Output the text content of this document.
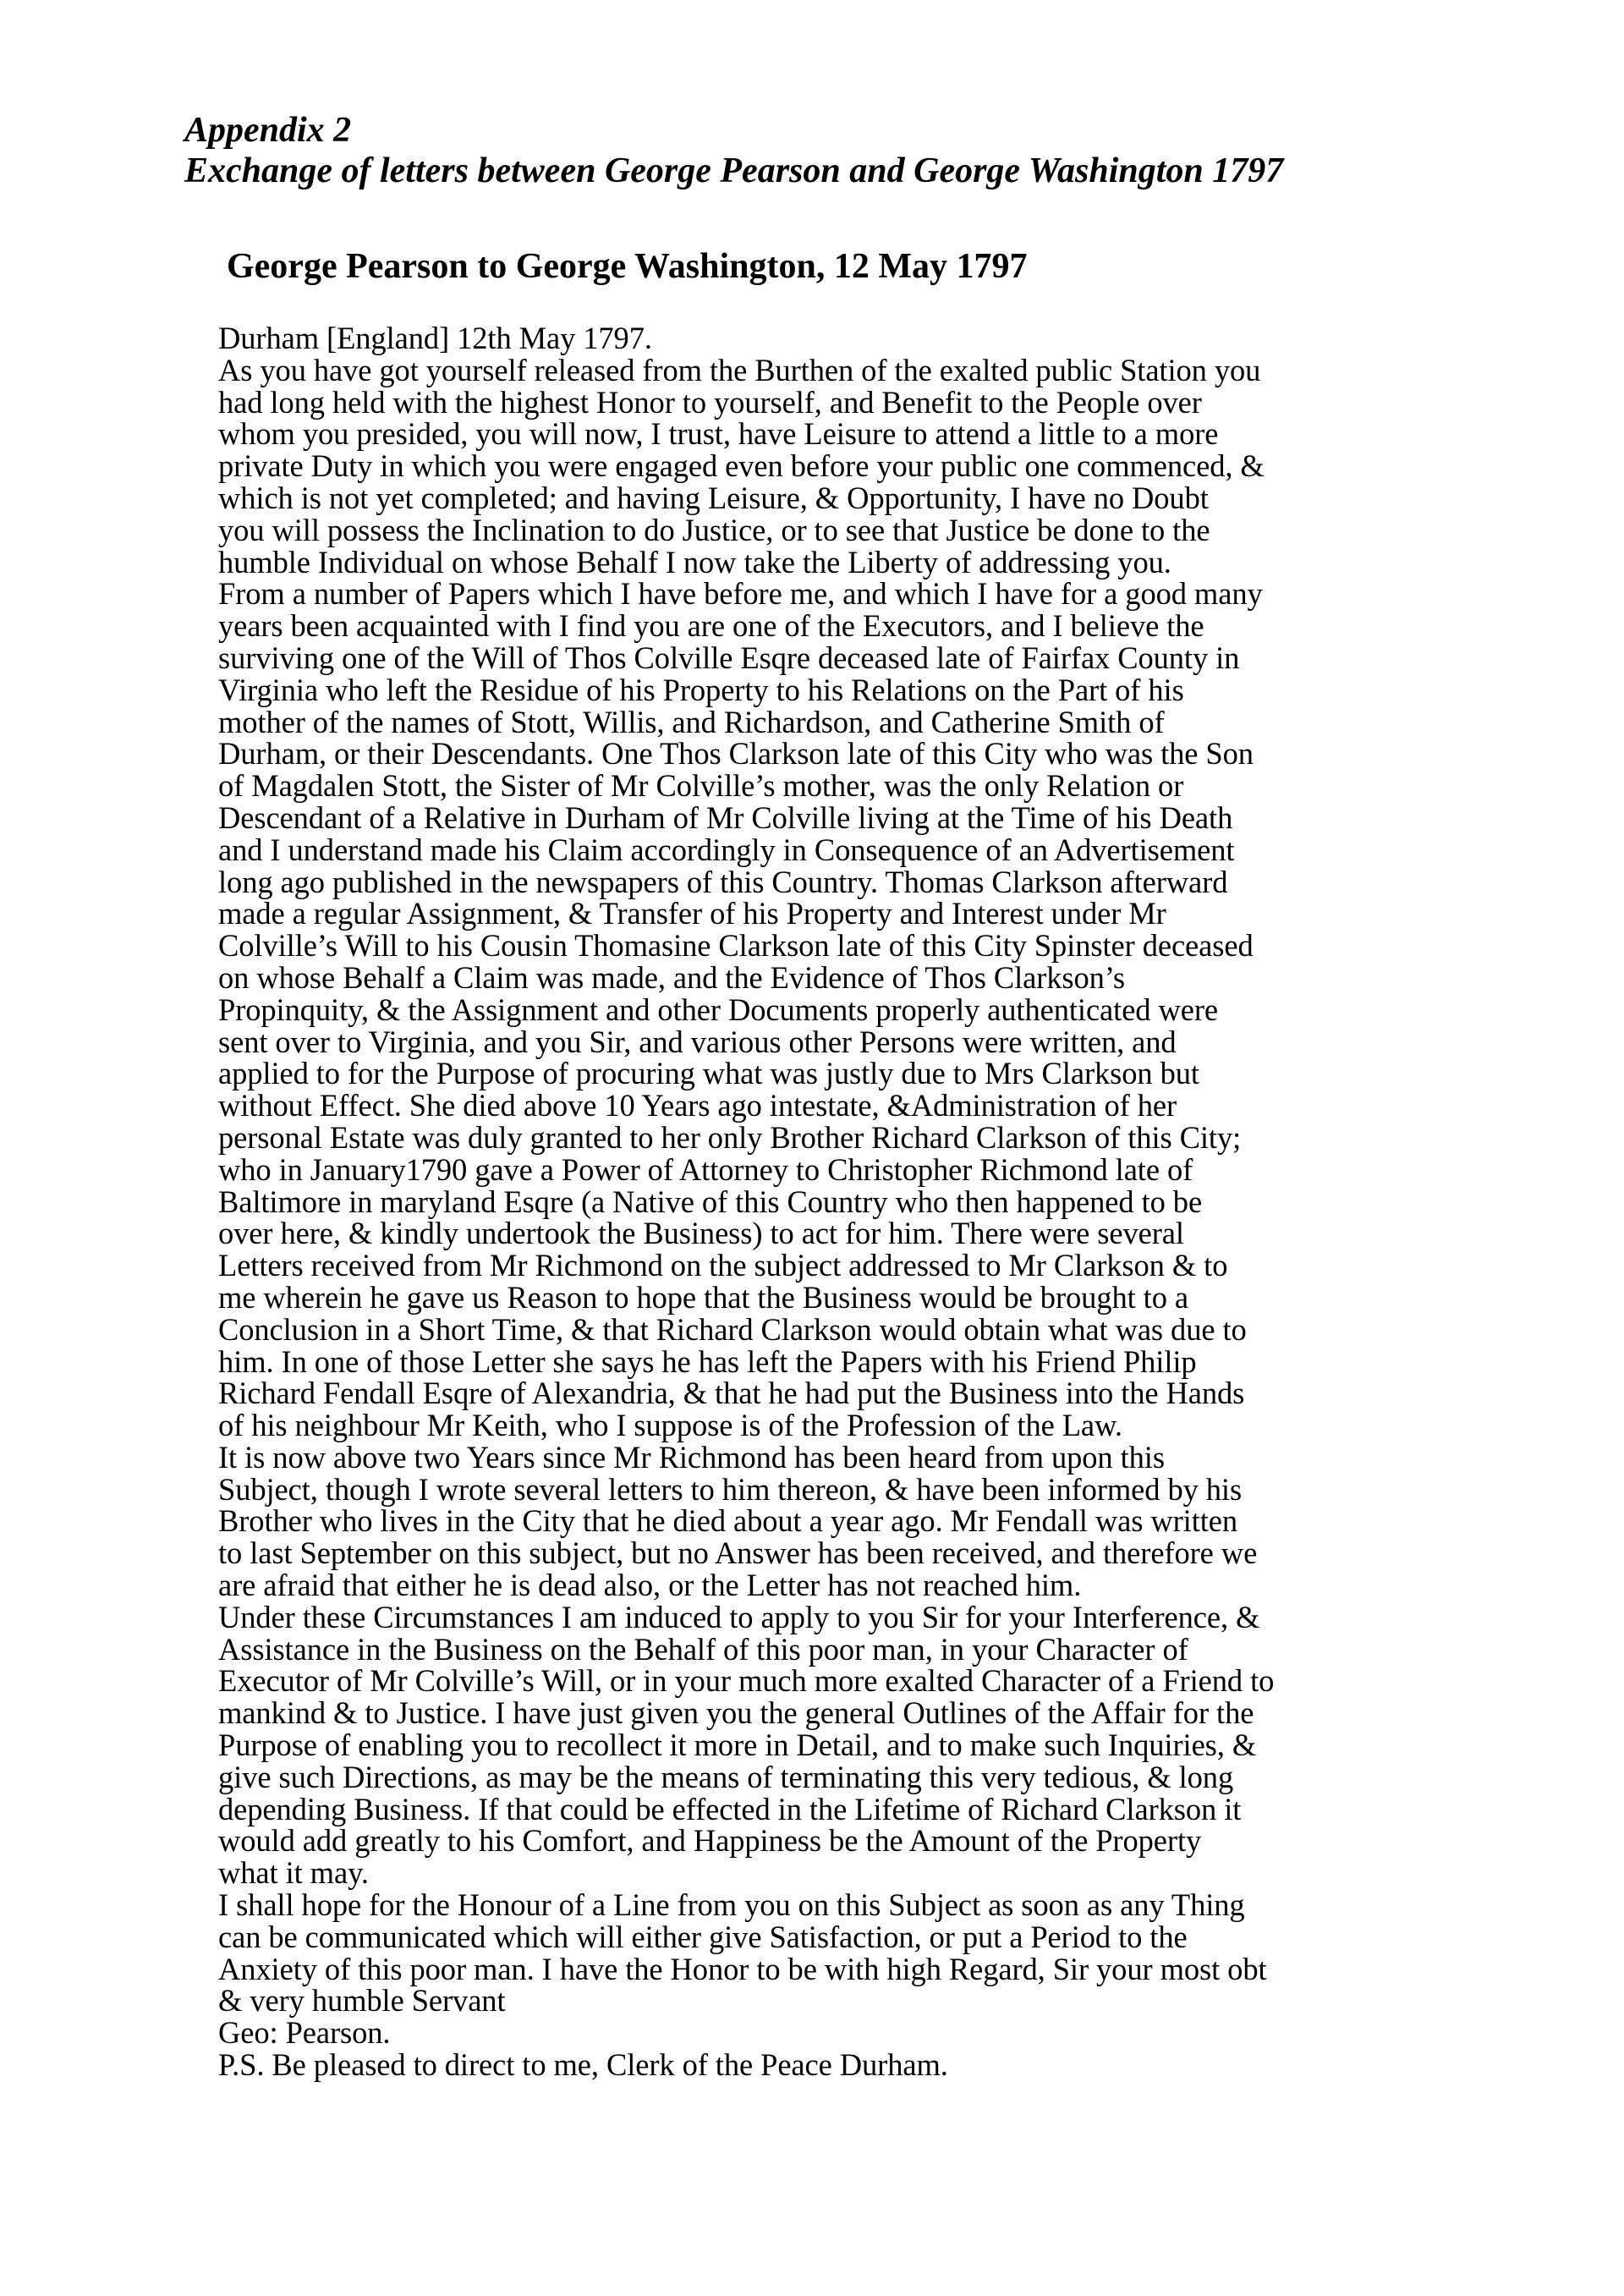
Appendix 2
Exchange of letters between George Pearson and George Washington 1797
George Pearson to George Washington, 12 May 1797
Durham [England] 12th May 1797.
As you have got yourself released from the Burthen of the exalted public Station you
had long held with the highest Honor to yourself, and Benefit to the People over
whom you presided, you will now, I trust, have Leisure to attend a little to a more
private Duty in which you were engaged even before your public one commenced, &
which is not yet completed; and having Leisure, & Opportunity, I have no Doubt
you will possess the Inclination to do Justice, or to see that Justice be done to the
humble Individual on whose Behalf I now take the Liberty of addressing you.
From a number of Papers which I have before me, and which I have for a good many
years been acquainted with I find you are one of the Executors, and I believe the
surviving one of the Will of Thos Colville Esqre deceased late of Fairfax County in
Virginia who left the Residue of his Property to his Relations on the Part of his
mother of the names of Stott, Willis, and Richardson, and Catherine Smith of
Durham, or their Descendants. One Thos Clarkson late of this City who was the Son
of Magdalen Stott, the Sister of Mr Colville’s mother, was the only Relation or
Descendant of a Relative in Durham of Mr Colville living at the Time of his Death
and I understand made his Claim accordingly in Consequence of an Advertisement
long ago published in the newspapers of this Country. Thomas Clarkson afterward
made a regular Assignment, & Transfer of his Property and Interest under Mr
Colville’s Will to his Cousin Thomasine Clarkson late of this City Spinster deceased
on whose Behalf a Claim was made, and the Evidence of Thos Clarkson’s
Propinquity, & the Assignment and other Documents properly authenticated were
sent over to Virginia, and you Sir, and various other Persons were written, and
applied to for the Purpose of procuring what was justly due to Mrs Clarkson but
without Effect. She died above 10 Years ago intestate, &Administration of her
personal Estate was duly granted to her only Brother Richard Clarkson of this City;
who in January1790 gave a Power of Attorney to Christopher Richmond late of
Baltimore in maryland Esqre (a Native of this Country who then happened to be
over here, & kindly undertook the Business) to act for him. There were several
Letters received from Mr Richmond on the subject addressed to Mr Clarkson & to
me wherein he gave us Reason to hope that the Business would be brought to a
Conclusion in a Short Time, & that Richard Clarkson would obtain what was due to
him. In one of those Letter she says he has left the Papers with his Friend Philip
Richard Fendall Esqre of Alexandria, & that he had put the Business into the Hands
of his neighbour Mr Keith, who I suppose is of the Profession of the Law.
It is now above two Years since Mr Richmond has been heard from upon this
Subject, though I wrote several letters to him thereon, & have been informed by his
Brother who lives in the City that he died about a year ago. Mr Fendall was written
to last September on this subject, but no Answer has been received, and therefore we
are afraid that either he is dead also, or the Letter has not reached him.
Under these Circumstances I am induced to apply to you Sir for your Interference, &
Assistance in the Business on the Behalf of this poor man, in your Character of
Executor of Mr Colville’s Will, or in your much more exalted Character of a Friend to
mankind & to Justice. I have just given you the general Outlines of the Affair for the
Purpose of enabling you to recollect it more in Detail, and to make such Inquiries, &
give such Directions, as may be the means of terminating this very tedious, & long
depending Business. If that could be effected in the Lifetime of Richard Clarkson it
would add greatly to his Comfort, and Happiness be the Amount of the Property
what it may.
I shall hope for the Honour of a Line from you on this Subject as soon as any Thing
can be communicated which will either give Satisfaction, or put a Period to the
Anxiety of this poor man. I have the Honor to be with high Regard, Sir your most obt
& very humble Servant
Geo: Pearson.
P.S. Be pleased to direct to me, Clerk of the Peace Durham.
